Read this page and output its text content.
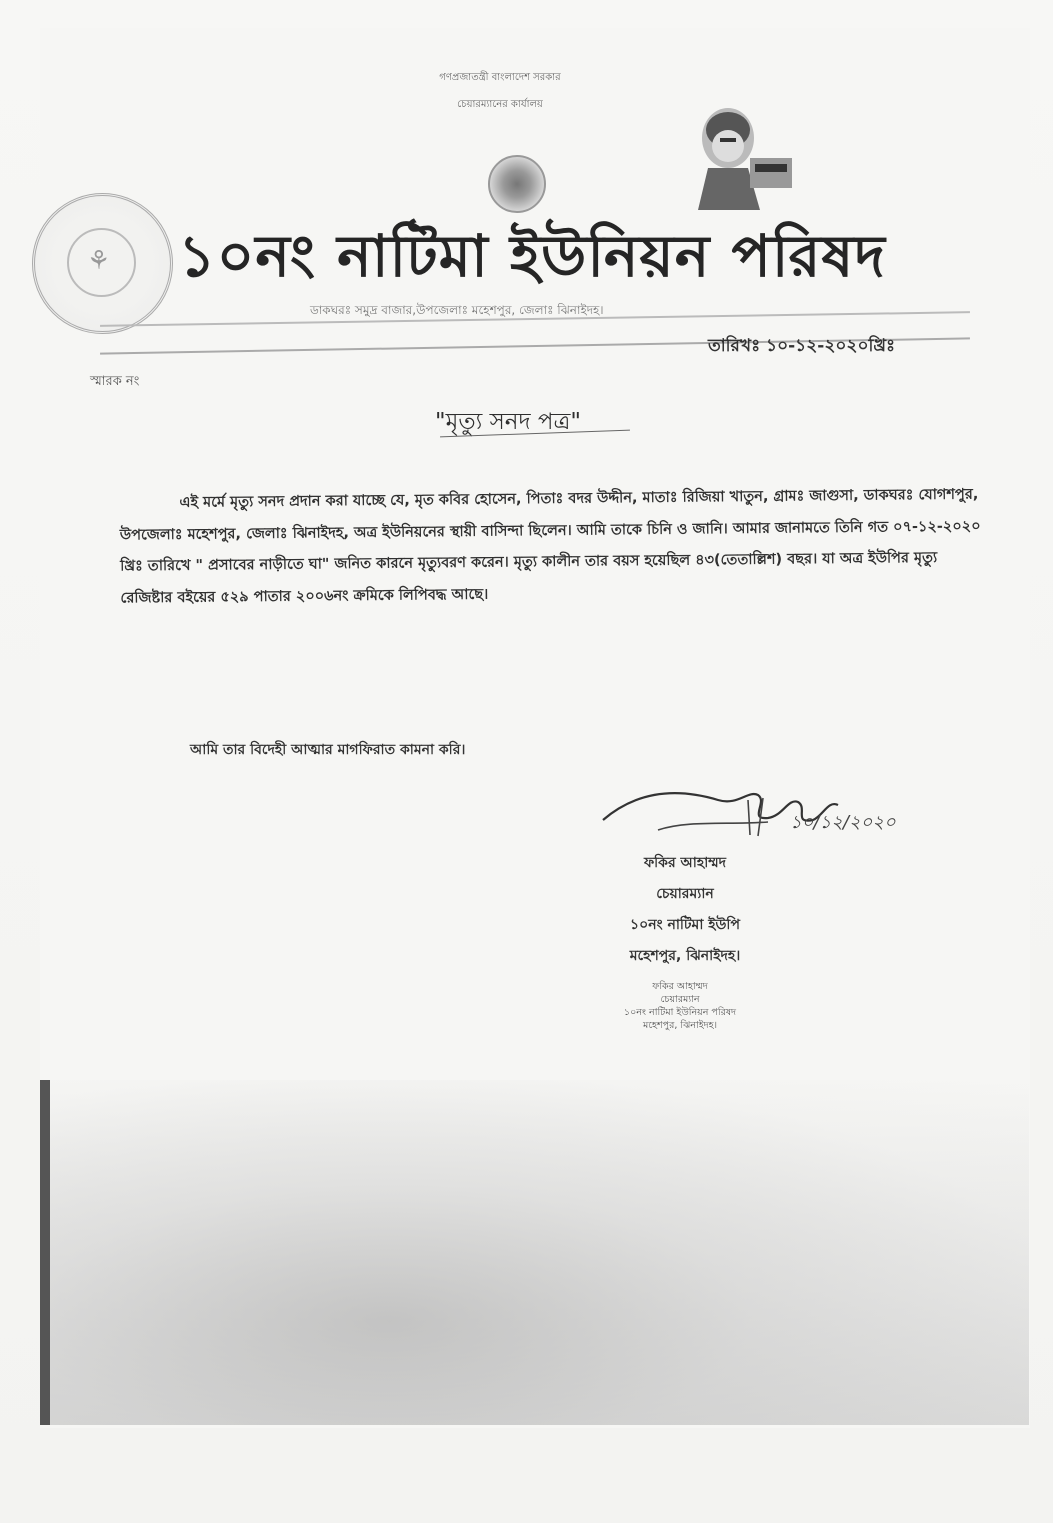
গণপ্রজাতন্ত্রী বাংলাদেশ সরকার
চেয়ারম্যানের কার্যালয়
⚘ ১০নং নাটিমা ইউনিয়ন পরিষদ
ডাকঘরঃ সমুদ্র বাজার,উপজেলাঃ মহেশপুর, জেলাঃ ঝিনাইদহ।
তারিখঃ ১০-১২-২০২০খ্রিঃ
স্মারক নং
"মৃত্যু সনদ পত্র"

এই মর্মে মৃত্যু সনদ প্রদান করা যাচ্ছে যে, মৃত কবির হোসেন, পিতাঃ বদর উদ্দীন, মাতাঃ রিজিয়া খাতুন, গ্রামঃ জাগুসা, ডাকঘরঃ যোগশপুর, উপজেলাঃ মহেশপুর, জেলাঃ ঝিনাইদহ, অত্র ইউনিয়নের স্থায়ী বাসিন্দা ছিলেন। আমি তাকে চিনি ও জানি। আমার জানামতে তিনি গত ০৭-১২-২০২০ খ্রিঃ তারিখে " প্রসাবের নাড়ীতে ঘা" জনিত কারনে মৃত্যুবরণ করেন। মৃত্যু কালীন তার বয়স হয়েছিল ৪৩(তেতাল্লিশ) বছর। যা অত্র ইউপির মৃত্যু রেজিষ্টার বইয়ের ৫২৯ পাতার ২০০৬নং ক্রমিকে লিপিবদ্ধ আছে।

আমি তার বিদেহী আত্মার মাগফিরাত কামনা করি।
১০/১২/২০২০
ফকির আহাম্মদ
চেয়ারম্যান
১০নং নাটিমা ইউপি
মহেশপুর, ঝিনাইদহ।
ফকির আহাম্মদ
চেয়ারম্যান
১০নং নাটিমা ইউনিয়ন পরিষদ
মহেশপুর, ঝিনাইদহ।
